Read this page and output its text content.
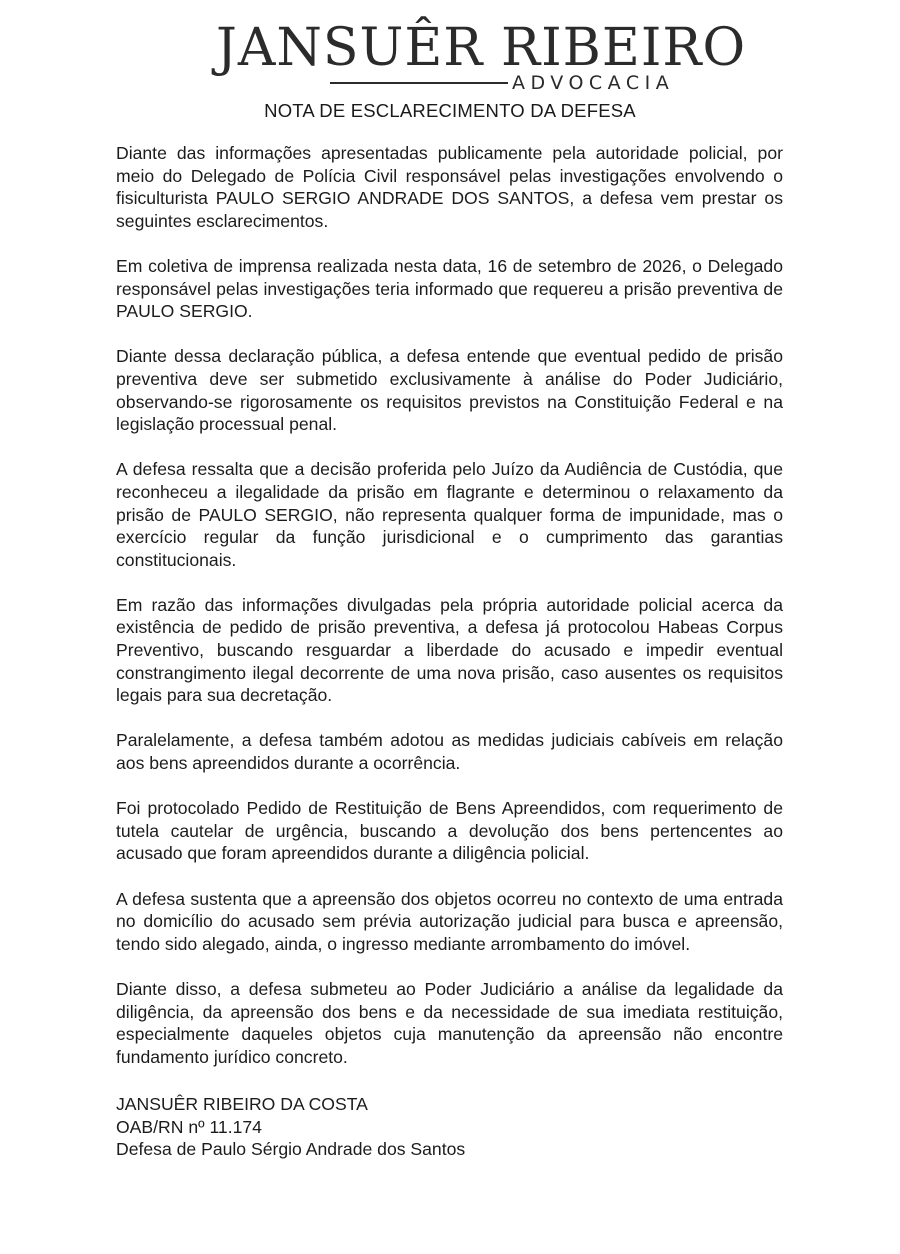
JANSUÊR RIBEIRO
ADVOCACIA
NOTA DE ESCLARECIMENTO DA DEFESA

Diante das informações apresentadas publicamente pela autoridade policial, por meio do Delegado de Polícia Civil responsável pelas investigações envolvendo o fisiculturista PAULO SERGIO ANDRADE DOS SANTOS, a defesa vem prestar os seguintes esclarecimentos.

Em coletiva de imprensa realizada nesta data, 16 de setembro de 2026, o Delegado responsável pelas investigações teria informado que requereu a prisão preventiva de PAULO SERGIO.

Diante dessa declaração pública, a defesa entende que eventual pedido de prisão preventiva deve ser submetido exclusivamente à análise do Poder Judiciário, observando-se rigorosamente os requisitos previstos na Constituição Federal e na legislação processual penal.

A defesa ressalta que a decisão proferida pelo Juízo da Audiência de Custódia, que reconheceu a ilegalidade da prisão em flagrante e determinou o relaxamento da prisão de PAULO SERGIO, não representa qualquer forma de impunidade, mas o exercício regular da função jurisdicional e o cumprimento das garantias constitucionais.

Em razão das informações divulgadas pela própria autoridade policial acerca da existência de pedido de prisão preventiva, a defesa já protocolou Habeas Corpus Preventivo, buscando resguardar a liberdade do acusado e impedir eventual constrangimento ilegal decorrente de uma nova prisão, caso ausentes os requisitos legais para sua decretação.

Paralelamente, a defesa também adotou as medidas judiciais cabíveis em relação aos bens apreendidos durante a ocorrência.

Foi protocolado Pedido de Restituição de Bens Apreendidos, com requerimento de tutela cautelar de urgência, buscando a devolução dos bens pertencentes ao acusado que foram apreendidos durante a diligência policial.

A defesa sustenta que a apreensão dos objetos ocorreu no contexto de uma entrada no domicílio do acusado sem prévia autorização judicial para busca e apreensão, tendo sido alegado, ainda, o ingresso mediante arrombamento do imóvel.

Diante disso, a defesa submeteu ao Poder Judiciário a análise da legalidade da diligência, da apreensão dos bens e da necessidade de sua imediata restituição, especialmente daqueles objetos cuja manutenção da apreensão não encontre fundamento jurídico concreto.

JANSUÊR RIBEIRO DA COSTA
OAB/RN nº 11.174
Defesa de Paulo Sérgio Andrade dos Santos
